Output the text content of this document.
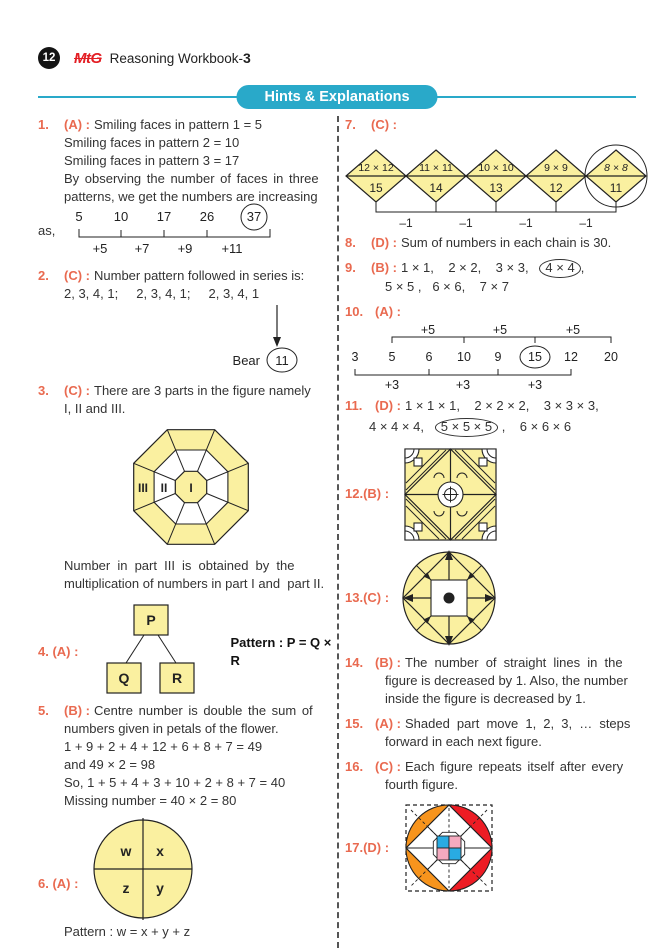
12	MtG Reasoning Workbook-3
Hints & Explanations
1. (A) : Smiling faces in pattern 1 = 5
Smiling faces in pattern 2 = 10
Smiling faces in pattern 3 = 17
By observing the number of faces in three
patterns, we get the numbers are increasing
as,
5 10 17 26	37
+5 +7 +9 +11
2. (C) : Number pattern followed in series is:
2, 3, 4, 1;     2, 3, 4, 1;     2, 3, 4, 1
Bear 11
3. (C) : There are 3 parts in the figure namely
I, II and III.
III II I
Number in part III is obtained by the
multiplication of numbers in part I and  part II.
4. (A) :
P
Q	R
Pattern : P = Q × R
5. (B) : Centre number is double the sum of
numbers given in petals of the flower.
1 + 9 + 2 + 4 + 12 + 6 + 8 + 7 = 49
and 49 × 2 = 98
So, 1 + 5 + 4 + 3 + 10 + 2 + 8 + 7 = 40
Missing number = 40 × 2 = 80
6. (A) :
w x
z y
Pattern : w = x + y + z
7. (C) :
12 × 12 11 × 11 10 × 10	9 × 9	8 × 8
15	14	13	12	11
–1	–1	–1	–1
8. (D) : Sum of numbers in each chain is 30.
9. (B) : 1 × 1,    2 × 2,    3 × 3,   4 × 4 ,
5 × 5 ,   6 × 6,    7 × 7
10. (A) :
+5	+5	+5
3 5 6 10 9 15 12 20
+3	+3	+3
11. (D) : 1 × 1 × 1,    2 × 2 × 2,    3 × 3 × 3,
4 × 4 × 4,   5 × 5 × 5 ,    6 × 6 × 6
12.(B) :
13.(C) :
14. (B) : The number of straight lines in the
figure is decreased by 1. Also, the number
inside the figure is decreased by 1.
15. (A) : Shaded part move 1, 2, 3, … steps
forward in each next figure.
16. (C) : Each figure repeats itself after every
fourth figure.
17.(D) :
